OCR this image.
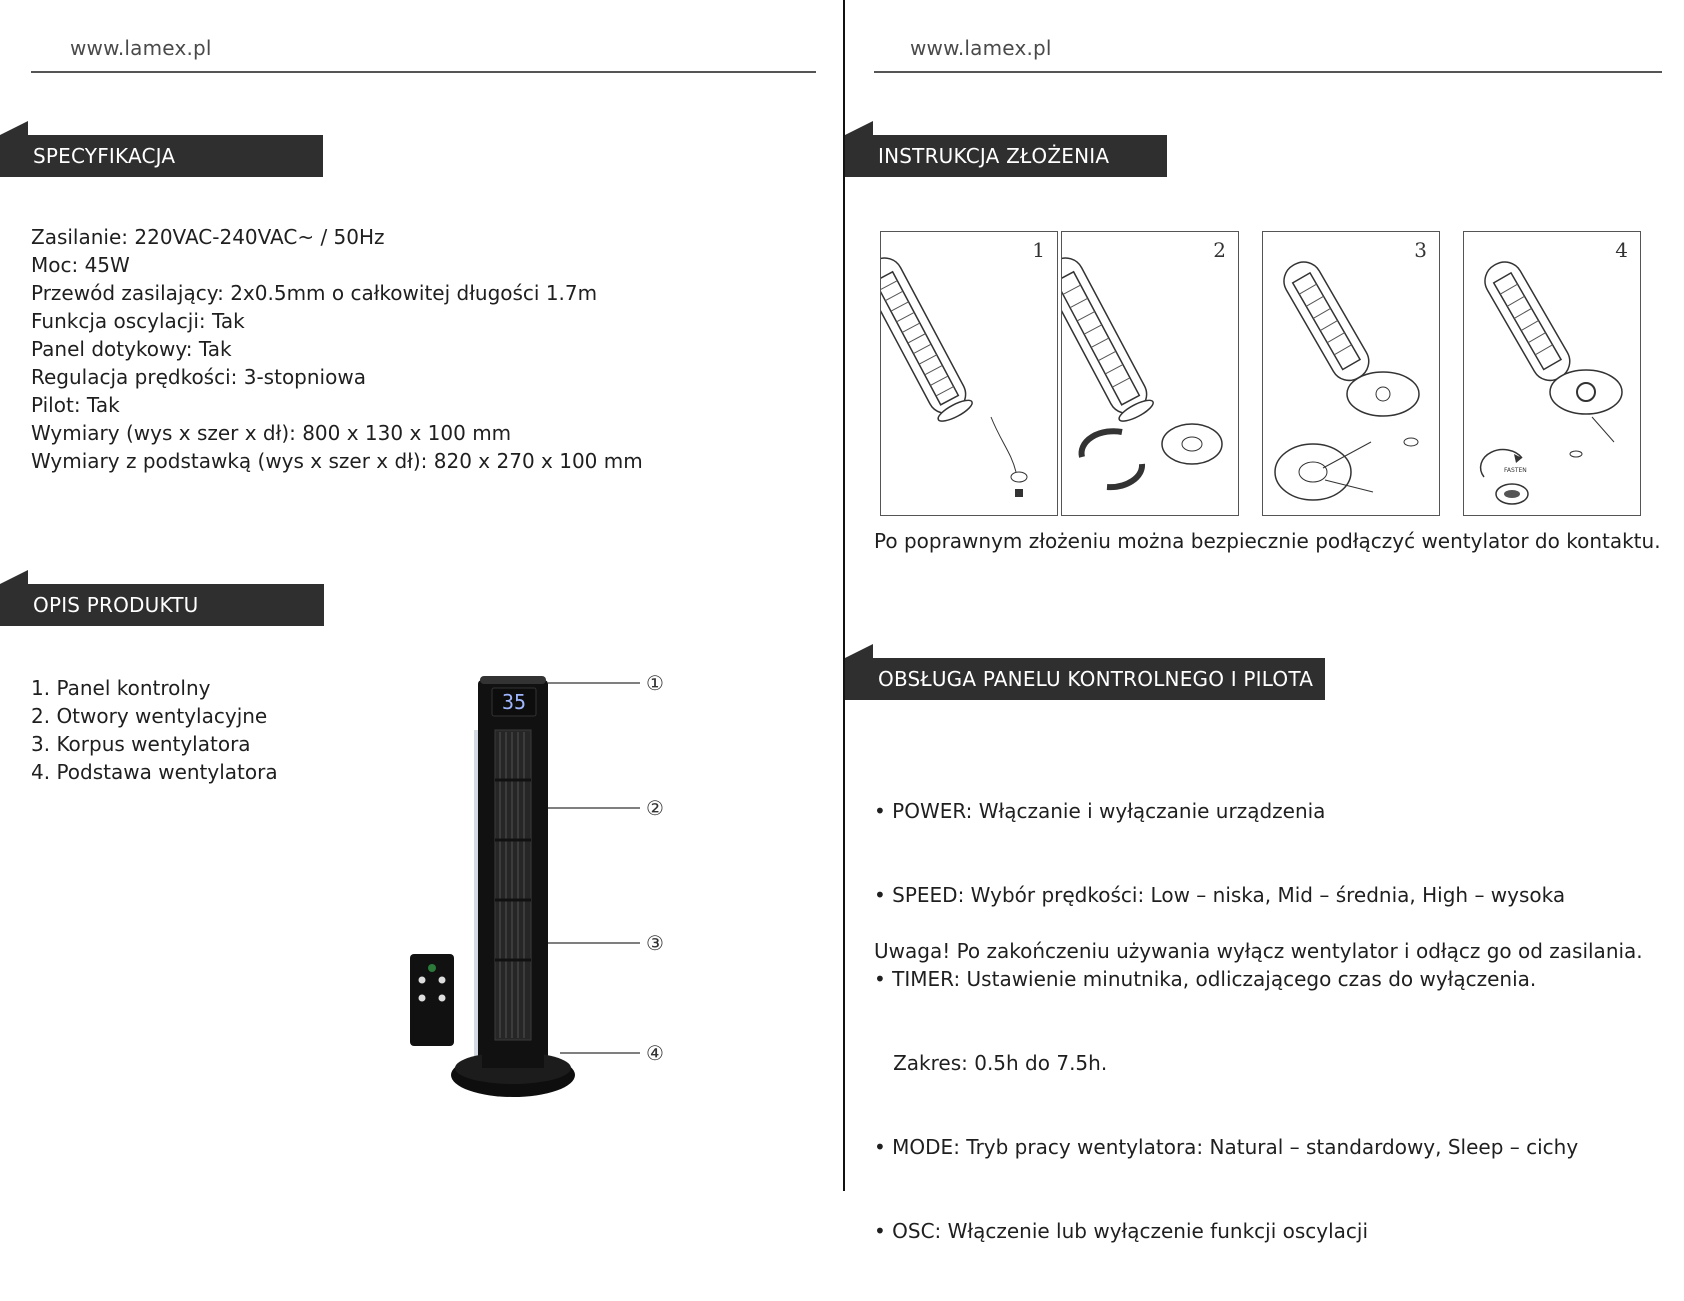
www.lamex.pl
SPECYFIKACJA
Zasilanie: 220VAC-240VAC~ / 50Hz
Moc: 45W
Przewód zasilający: 2x0.5mm o całkowitej długości 1.7m
Funkcja oscylacji: Tak
Panel dotykowy: Tak
Regulacja prędkości: 3-stopniowa
Pilot: Tak
Wymiary (wys x szer x dł): 800 x 130 x 100 mm
Wymiary z podstawką (wys x szer x dł): 820 x 270 x 100 mm
OPIS PRODUKTU
1. Panel kontrolny
2. Otwory wentylacyjne
3. Korpus wentylatora
4. Podstawa wentylatora
35
①
②
③
④
www.lamex.pl
INSTRUKCJA ZŁOŻENIA
1	2	3	4
FASTEN
Po poprawnym złożeniu można bezpiecznie podłączyć wentylator do kontaktu.
OBSŁUGA PANELU KONTROLNEGO I PILOTA

• POWER: Włączanie i wyłączanie urządzenia

• SPEED: Wybór prędkości: Low – niska, Mid – średnia, High – wysoka

• TIMER: Ustawienie minutnika, odliczającego czas do wyłączenia.

Zakres: 0.5h do 7.5h.

• MODE: Tryb pracy wentylatora: Natural – standardowy, Sleep – cichy

• OSC: Włączenie lub wyłączenie funkcji oscylacji

Uwaga! Po zakończeniu używania wyłącz wentylator i odłącz go od zasilania.
